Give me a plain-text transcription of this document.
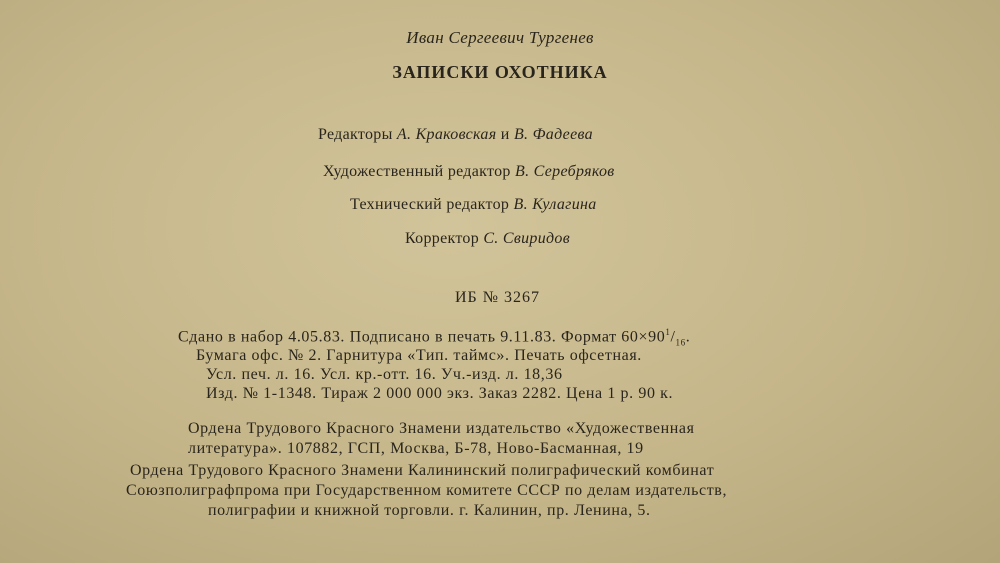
Иван Сергеевич Тургенев
ЗАПИСКИ ОХОТНИКА
Редакторы А. Краковская и В. Фадеева
Художественный редактор В. Серебряков
Технический редактор В. Кулагина
Корректор С. Свиридов
ИБ № 3267
Сдано в набор 4.05.83. Подписано в печать 9.11.83. Формат $60\times 90^1/_{16}$.
Бумага офс. № 2. Гарнитура «Тип. таймс». Печать офсетная.
Усл. печ. л. 16. Усл. кр.-отт. 16. Уч.-изд. л. 18,36
Изд. № 1-1348. Тираж 2 000 000 экз. Заказ 2282. Цена 1 р. 90 к.
Ордена Трудового Красного Знамени издательство «Художественная
литература». 107882, ГСП, Москва, Б-78, Ново-Басманная, 19
Ордена Трудового Красного Знамени Калининский полиграфический комбинат
Союзполиграфпрома при Государственном комитете СССР по делам издательств,
полиграфии и книжной торговли. г. Калинин, пр. Ленина, 5.
